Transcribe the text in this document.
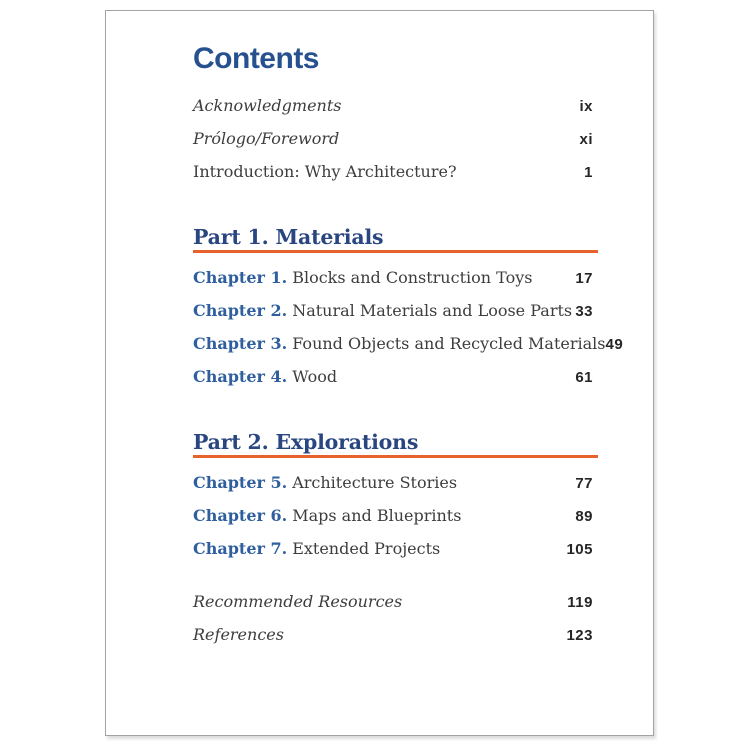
Contents
Acknowledgments	ix
Prólogo/Foreword	xi
Introduction: Why Architecture?	1
Part 1. Materials
Chapter 1. Blocks and Construction Toys	17
Chapter 2. Natural Materials and Loose Parts 33
Chapter 3. Found Objects and Recycled Materials 49
Chapter 4. Wood	61
Part 2. Explorations
Chapter 5. Architecture Stories	77
Chapter 6. Maps and Blueprints	89
Chapter 7. Extended Projects	105
Recommended Resources	119
References	123
